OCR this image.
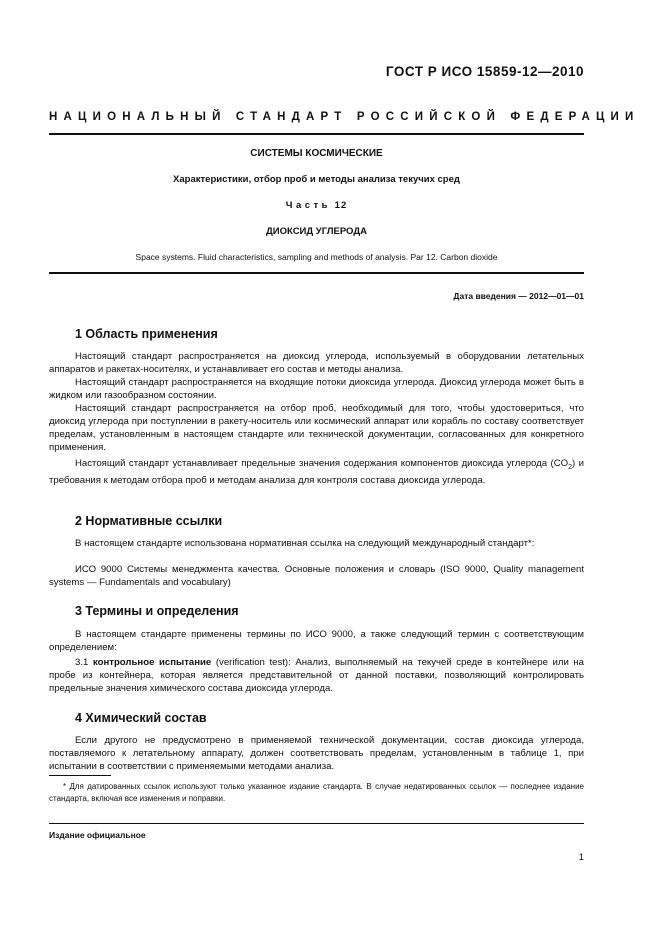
ГОСТ Р ИСО 15859-12—2010
НАЦИОНАЛЬНЫЙ СТАНДАРТ РОССИЙСКОЙ ФЕДЕРАЦИИ
СИСТЕМЫ КОСМИЧЕСКИЕ
Характеристики, отбор проб и методы анализа текучих сред
Часть 12
ДИОКСИД УГЛЕРОДА
Space systems. Fluid characteristics, sampling and methods of analysis. Par 12. Carbon dioxide
Дата введения — 2012—01—01
1 Область применения

Настоящий стандарт распространяется на диоксид углерода, используемый в оборудовании летательных аппаратов и ракетах-носителях, и устанавливает его состав и методы анализа.

Настоящий стандарт распространяется на входящие потоки диоксида углерода. Диоксид углерода может быть в жидком или газообразном состоянии.

Настоящий стандарт распространяется на отбор проб, необходимый для того, чтобы удостовериться, что диоксид углерода при поступлении в ракету-носитель или космический аппарат или корабль по составу соответствует пределам, установленным в настоящем стандарте или технической документации, согласованных для конкретного применения.

Настоящий стандарт устанавливает предельные значения содержания компонентов диоксида углерода $(CO_2)$ и требования к методам отбора проб и методам анализа для контроля состава диоксида углерода.

2 Нормативные ссылки

В настоящем стандарте использована нормативная ссылка на следующий международный стандарт*:

ИСО 9000 Системы менеджмента качества. Основные положения и словарь (ISO 9000, Quality management systems — Fundamentals and vocabulary)

3 Термины и определения

В настоящем стандарте применены термины по ИСО 9000, а также следующий термин с соответствующим определением:

3.1 контрольное испытание (verification test): Анализ, выполняемый на текучей среде в контейнере или на пробе из контейнера, которая является представительной от данной поставки, позволяющий контролировать предельные значения химического состава диоксида углерода.

4 Химический состав

Если другого не предусмотрено в применяемой технической документации, состав диоксида углерода, поставляемого к летательному аппарату, должен соответствовать пределам, установленным в таблице 1, при испытании в соответствии с применяемыми методами анализа.

* Для датированных ссылок используют только указанное издание стандарта. В случае недатированных ссылок — последнее издание стандарта, включая все изменения и поправки.

Издание официальное
1
